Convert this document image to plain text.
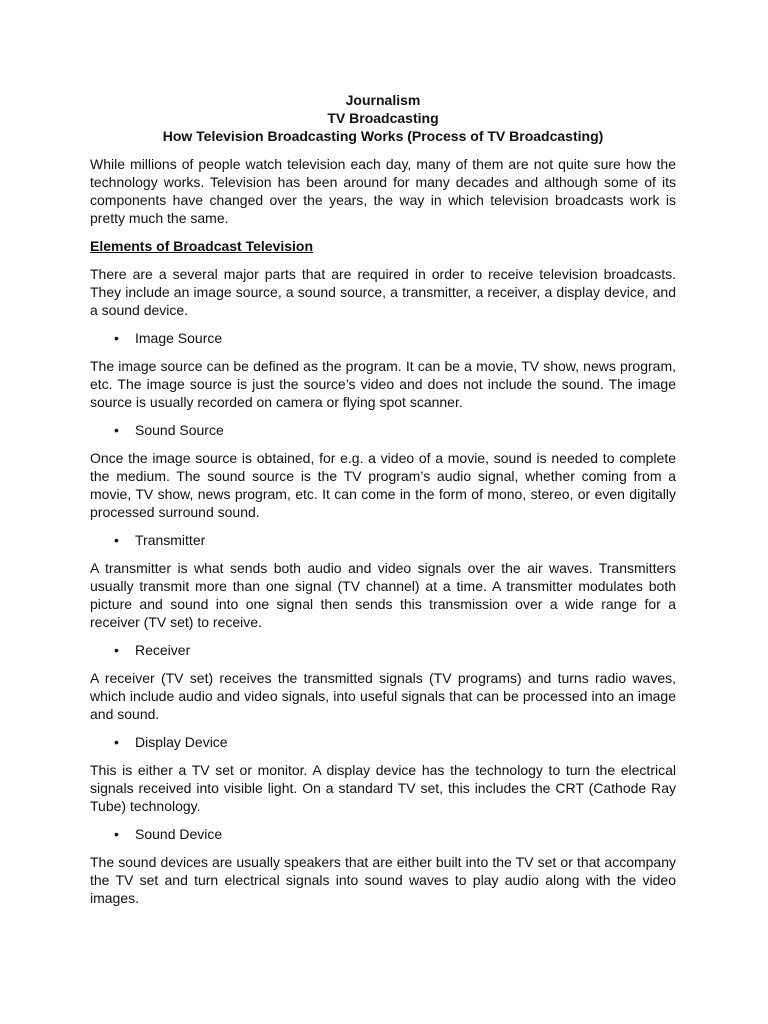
Journalism
TV Broadcasting
How Television Broadcasting Works (Process of TV Broadcasting)

While millions of people watch television each day, many of them are not quite sure how the technology works. Television has been around for many decades and although some of its components have changed over the years, the way in which television broadcasts work is pretty much the same.

Elements of Broadcast Television

There are a several major parts that are required in order to receive television broadcasts. They include an image source, a sound source, a transmitter, a receiver, a display device, and a sound device.

• Image Source

The image source can be defined as the program. It can be a movie, TV show, news program, etc. The image source is just the source’s video and does not include the sound. The image source is usually recorded on camera or flying spot scanner.

• Sound Source

Once the image source is obtained, for e.g. a video of a movie, sound is needed to complete the medium. The sound source is the TV program’s audio signal, whether coming from a movie, TV show, news program, etc. It can come in the form of mono, stereo, or even digitally processed surround sound.

• Transmitter

A transmitter is what sends both audio and video signals over the air waves. Transmitters usually transmit more than one signal (TV channel) at a time. A transmitter modulates both picture and sound into one signal then sends this transmission over a wide range for a receiver (TV set) to receive.

• Receiver

A receiver (TV set) receives the transmitted signals (TV programs) and turns radio waves, which include audio and video signals, into useful signals that can be processed into an image and sound.

• Display Device

This is either a TV set or monitor. A display device has the technology to turn the electrical signals received into visible light. On a standard TV set, this includes the CRT (Cathode Ray Tube) technology.

• Sound Device

The sound devices are usually speakers that are either built into the TV set or that accompany the TV set and turn electrical signals into sound waves to play audio along with the video images.
